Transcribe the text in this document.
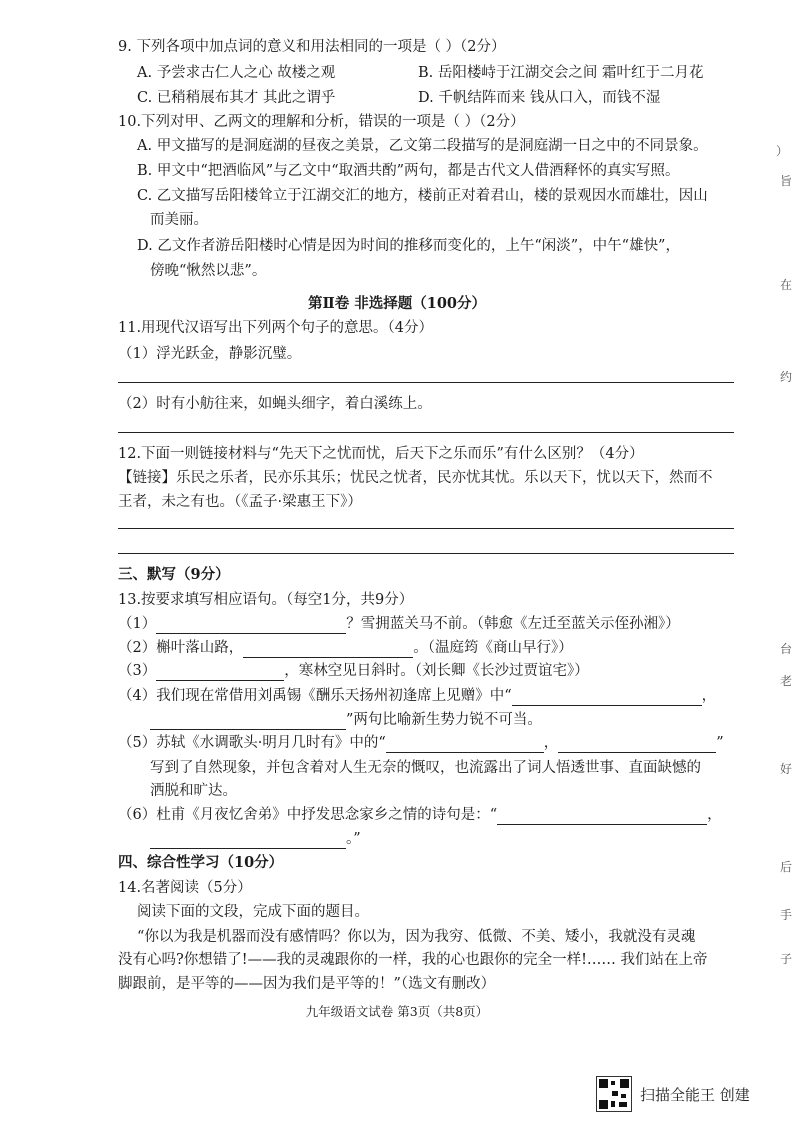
9. 下列各项中加点词的意义和用法相同的一项是（ ）（2分）
A. 予尝求古仁人之心 故楼之观	B. 岳阳楼峙于江湖交会之间 霜叶红于二月花
C. 已稍稍展布其才 其此之谓乎	D. 千帆结阵而来 钱从口入，而钱不湿
10.下列对甲、乙两文的理解和分析，错误的一项是（ ）（2分）
A. 甲文描写的是洞庭湖的昼夜之美景，乙文第二段描写的是洞庭湖一日之中的不同景象。
B. 甲文中“把酒临风”与乙文中“取酒共酌”两句，都是古代文人借酒释怀的真实写照。
C. 乙文描写岳阳楼耸立于江湖交汇的地方，楼前正对着君山，楼的景观因水而雄壮，因山
而美丽。
D. 乙文作者游岳阳楼时心情是因为时间的推移而变化的，上午“闲淡”，中午“雄快”，
傍晚“愀然以悲”。
第Ⅱ卷 非选择题（100分）
11.用现代汉语写出下列两个句子的意思。（4分）
（1）浮光跃金，静影沉璧。
（2）时有小舫往来，如蝇头细字，着白溪练上。
12.下面一则链接材料与“先天下之忧而忧，后天下之乐而乐”有什么区别？（4分）
【链接】乐民之乐者，民亦乐其乐；忧民之忧者，民亦忧其忧。乐以天下，忧以天下，然而不
王者，未之有也。（《孟子·梁惠王下》）
三、默写（9分）
13.按要求填写相应语句。（每空1分，共9分）
（1）	？雪拥蓝关马不前。（韩愈《左迁至蓝关示侄孙湘》）
（2）槲叶落山路，	。（温庭筠《商山早行》）
（3）	，寒林空见日斜时。（刘长卿《长沙过贾谊宅》）
（4）我们现在常借用刘禹锡《酬乐天扬州初逢席上见赠》中“	，
”两句比喻新生势力锐不可当。
（5）苏轼《水调歌头·明月几时有》中的“	，	”
写到了自然现象，并包含着对人生无奈的慨叹，也流露出了词人悟透世事、直面缺憾的
洒脱和旷达。
（6）杜甫《月夜忆舍弟》中抒发思念家乡之情的诗句是：“	，
。”
四、综合性学习（10分）
14.名著阅读（5分）
阅读下面的文段，完成下面的题目。
“你以为我是机器而没有感情吗？你以为，因为我穷、低微、不美、矮小，我就没有灵魂
没有心吗?你想错了!——我的灵魂跟你的一样，我的心也跟你的完全一样!…… 我们站在上帝
脚跟前，是平等的——因为我们是平等的！”（选文有删改）
九年级语文试卷 第3页（共8页）
）
旨
在
约
台
老
好
后
手
子
扫描全能王 创建
